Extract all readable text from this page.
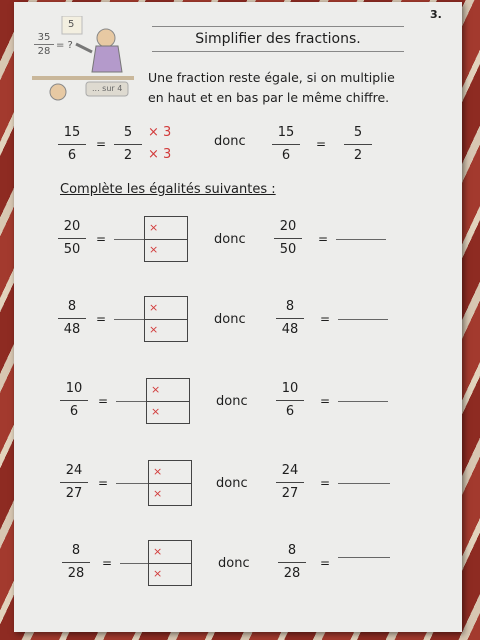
3.
35
28
= ?
5
... sur 4
Simplifier des fractions.
Une fraction reste égale, si on multiplie
en haut et en bas par le même chiffre.
15
6
=
5
2
× 3
× 3
donc
15
6
=
5
2
Complète les égalités suivantes :
20
50
=
×
×
donc
20
50
=
8
48
=
×
×
donc
8
48
=
10
6
=
×
×
donc
10
6
=
24
27
=
×
×
donc
24
27
=
8
28
=
×
×
donc
8
28
=
